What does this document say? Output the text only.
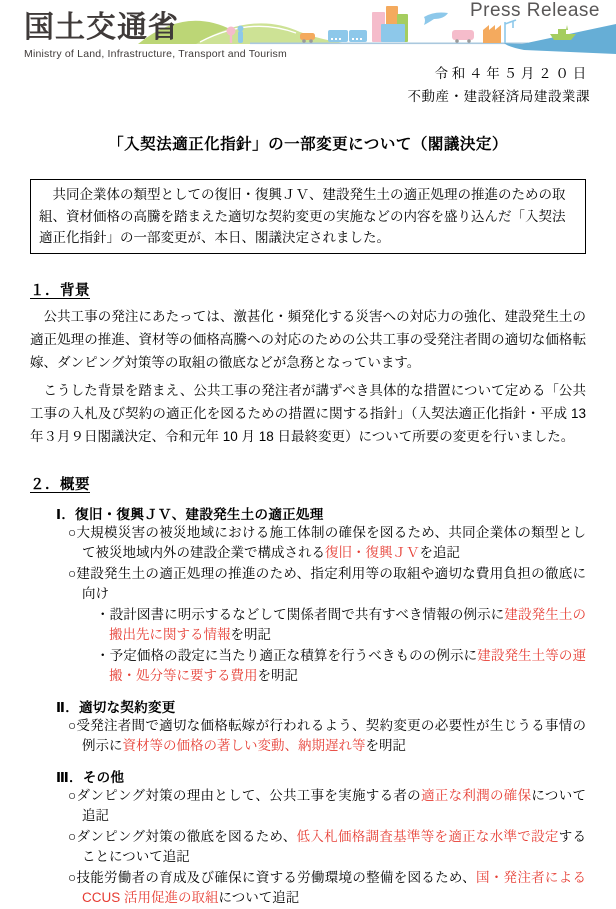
Press Release
国土交通省
Ministry of Land, Infrastructure, Transport and Tourism
令和４年５月２０日
不動産・建設経済局建設業課
「入契法適正化指針」の一部変更について（閣議決定）
　共同企業体の類型としての復旧・復興ＪＶ、建設発生土の適正処理の推進のための取組、資材価格の高騰を踏まえた適切な契約変更の実施などの内容を盛り込んだ「入契法適正化指針」の一部変更が、本日、閣議決定されました。
１．背景

公共工事の発注にあたっては、激甚化・頻発化する災害への対応力の強化、建設発生土の適正処理の推進、資材等の価格高騰への対応のための公共工事の受発注者間の適切な価格転嫁、ダンピング対策等の取組の徹底などが急務となっています。

こうした背景を踏まえ、公共工事の発注者が講ずべき具体的な措置について定める「公共工事の入札及び契約の適正化を図るための措置に関する指針」（入契法適正化指針・平成 13 年３月９日閣議決定、令和元年 10 月 18 日最終変更）について所要の変更を行いました。

２．概要
Ⅰ．復旧・復興ＪＶ、建設発生土の適正処理
○大規模災害の被災地域における施工体制の確保を図るため、共同企業体の類型として被災地域内外の建設企業で構成される復旧・復興ＪＶを追記
○建設発生土の適正処理の推進のため、指定利用等の取組や適切な費用負担の徹底に向け
・設計図書に明示するなどして関係者間で共有すべき情報の例示に建設発生土の搬出先に関する情報を明記
・予定価格の設定に当たり適正な積算を行うべきものの例示に建設発生土等の運搬・処分等に要する費用を明記
Ⅱ．適切な契約変更
○受発注者間で適切な価格転嫁が行われるよう、契約変更の必要性が生じうる事情の例示に資材等の価格の著しい変動、納期遅れ等を明記
Ⅲ．その他
○ダンピング対策の理由として、公共工事を実施する者の適正な利潤の確保について追記
○ダンピング対策の徹底を図るため、低入札価格調査基準等を適正な水準で設定することについて追記
○技能労働者の育成及び確保に資する労働環境の整備を図るため、国・発注者による CCUS 活用促進の取組について追記
